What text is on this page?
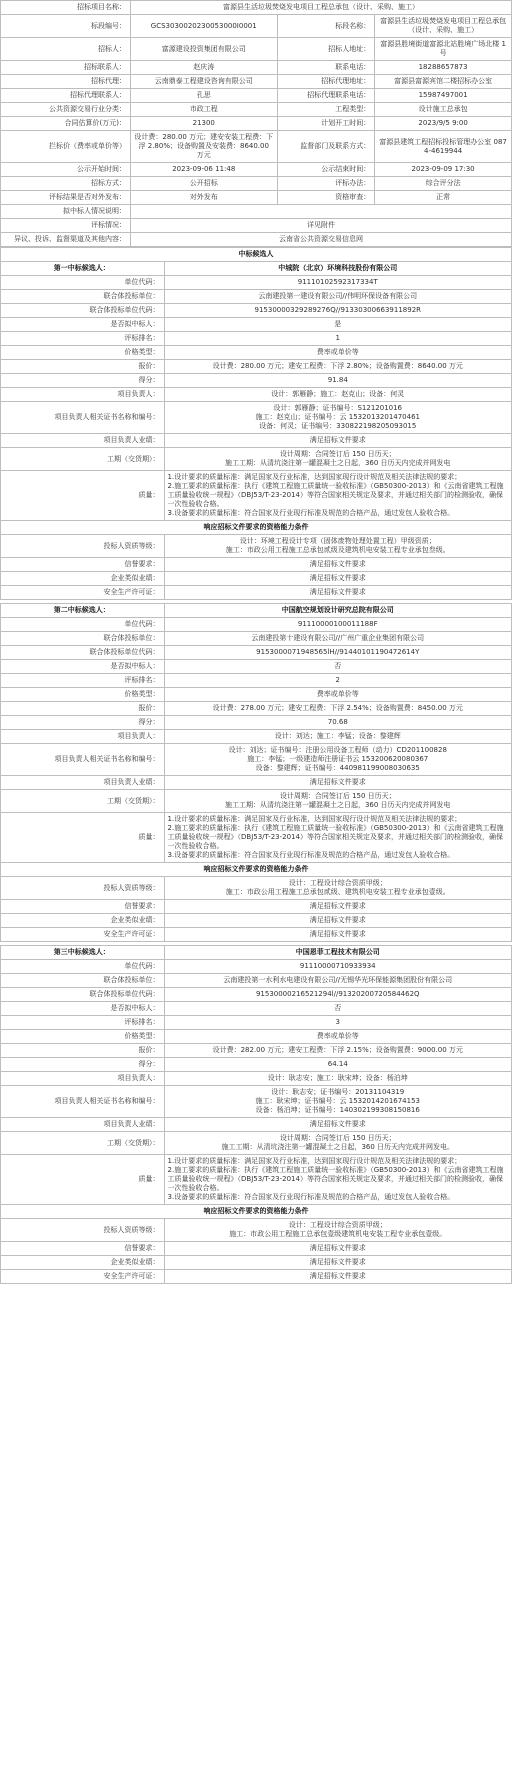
招标项目名称：	富源县生活垃圾焚烧发电项目工程总承包（设计、采购、施工）		
标段编号：	GCS3030020230053000I0001	标段名称：	富源县生活垃圾焚烧发电项目工程总承包（设计、采购、施工）
招标人：	富源建设投资集团有限公司	招标人地址：	富源县胜境街道富源北站胜境广场北楼 1 号
招标联系人：	赵庆涛	联系电话：	18288657873
招标代理：	云南鼎泰工程建设咨询有限公司	招标代理地址：	富源县富源宾馆二楼招标办公室
招标代理联系人：	孔思	招标代理联系电话：	15987497001
公共资源交易行业分类：	市政工程	工程类型：	设计施工总承包
合同估算价(万元)：	21300	计划开工时间：	2023/9/5 9:00
拦标价（费率或单价等）	设计费：280.00 万元；建安安装工程费：下浮 2.80%；设备购置及安装费：8640.00 万元	监督部门及联系方式：	富源县建筑工程招标投标管理办公室 0874-4619944
公示开始时间：	2023-09-06 11:48	公示结束时间：	2023-09-09 17:30
招标方式：	公开招标	评标办法：	综合评分法
评标结果是否对外发布：	对外发布	资格审查：	正常
拟中标人情况说明：			
评标情况：	详见附件		
异议、投诉、监督渠道及其他内容：	云南省公共资源交易信息网		
中标候选人	
第一中标候选人：	中城院（北京）环境科技股份有限公司
单位代码：	91110102592317334T

联合体投标单位：	云南建投第一建设有限公司//伟明环保设备有限公司

联合体投标单位代码：	91530000329289276Q//91330300663911892R

是否拟中标人：	是

评标排名：	1

价格类型：	费率或单价等

报价：	设计费：280.00 万元；建安工程费：下浮 2.80%；设备购置费：8640.00 万元

得分：	91.84

项目负责人：	设计：郭雁静；施工：赵克山；设备：何灵

项目负责人相关证书名称和编号：	设计：郭雁静；证书编号：S121201016
施工：赵克山；证书编号：云 1532013201470461
设备：何灵；证书编号：330822198205093015

项目负责人业绩：	满足招标文件要求

工期（交货期）：	设计周期：合同签订后 150 日历天；
施工工期：从清坑浇注第一罐混凝土之日起，360 日历天内完成并网发电

质量：	1.设计要求的质量标准：满足国家及行业标准，达到国家现行设计规范及相关法律法规的要求；
2.施工要求的质量标准：执行《建筑工程施工质量统一验收标准》（GB50300-2013）和《云南省建筑工程施工质量验收统一规程》（DBJ53/T-23-2014）等符合国家相关规定及要求，并通过相关部门的检测验收，确保一次性验收合格。
3.设备要求的质量标准：符合国家及行业现行标准及规范的合格产品，通过发包人验收合格。

响应招标文件要求的资格能力条件	
投标人资质等级：	设计：环境工程设计专项（固体废物处理处置工程）甲级资质；
施工：市政公用工程施工总承包贰级及建筑机电安装工程专业承包叁级。

信誉要求：	满足招标文件要求

企业类似业绩：	满足招标文件要求

安全生产许可证：	满足招标文件要求

第二中标候选人：	中国航空规划设计研究总院有限公司
单位代码：	91110000100011188F

联合体投标单位：	云南建投第十建设有限公司//广州广重企业集团有限公司

联合体投标单位代码：	9153000071948565lH//91440101190472614Y

是否拟中标人：	否

评标排名：	2

价格类型：	费率或单价等

报价：	设计费：278.00 万元；建安工程费：下浮 2.54%；设备购置费：8450.00 万元

得分：	70.68

项目负责人：	设计：刘达；施工：李锰；设备：黎建辉

项目负责人相关证书名称和编号：	设计：刘达；证书编号：注册公用设备工程师（动力）CD201100828
施工：李锰；一级建造师注册证书云 153200620080367
设备：黎建辉；证书编号：440981199008030635

项目负责人业绩：	满足招标文件要求

工期（交货期）：	设计周期：合同签订后 150 日历天；
施工工期：从清坑浇注第一罐混凝土之日起，360 日历天内完成并网发电

质量：	1.设计要求的质量标准：满足国家及行业标准，达到国家现行设计规范及相关法律法规的要求；
2.施工要求的质量标准：执行《建筑工程施工质量统一验收标准》（GB50300-2013）和《云南省建筑工程施工质量验收统一规程》（DBJ53/T-23-2014）等符合国家相关规定及要求，并通过相关部门的检测验收，确保一次性验收合格。
3.设备要求的质量标准：符合国家及行业现行标准及规范的合格产品，通过发包人验收合格。

响应招标文件要求的资格能力条件	
投标人资质等级：	设计：工程设计综合资质甲级；
施工：市政公用工程施工总承包贰级、建筑机电安装工程专业承包壹级。

信誉要求：	满足招标文件要求

企业类似业绩：	满足招标文件要求

安全生产许可证：	满足招标文件要求

第三中标候选人：	中国恩菲工程技术有限公司
单位代码：	91110000710933934

联合体投标单位：	云南建投第一水利水电建设有限公司//无锡华光环保能源集团股份有限公司

联合体投标单位代码：	91530000216521294l//91320200720584462Q

是否拟中标人：	否

评标排名：	3

价格类型：	费率或单价等

报价：	设计费：282.00 万元；建安工程费：下浮 2.15%；设备购置费：9000.00 万元

得分：	64.14

项目负责人：	设计：耿志安；施工：耿宋坤；设备：杨泊坤

项目负责人相关证书名称和编号：	设计：耿志安；证书编号：20131104319
施工：耿宋坤；证书编号：云 1532014201674153
设备：杨泊坤；证书编号：140302199308150816

项目负责人业绩：	满足招标文件要求

工期（交货期）：	设计周期：合同签订后 150 日历天；
施工工期：从清坑浇注第一罐混凝土之日起，360 日历天内完成并网发电。

质量：	1.设计要求的质量标准：满足国家及行业标准，达到国家现行设计规范及相关法律法规的要求；
2.施工要求的质量标准：执行《建筑工程施工质量统一验收标准》（GB50300-2013）和《云南省建筑工程施工质量验收统一规程》（DBJ53/T-23-2014）等符合国家相关规定及要求，并通过相关部门的检测验收，确保一次性验收合格。
3.设备要求的质量标准：符合国家及行业现行标准及规范的合格产品，通过发包人验收合格。

响应招标文件要求的资格能力条件	
投标人资质等级：	设计：工程设计综合资质甲级；
施工：市政公用工程施工总承包壹级建筑机电安装工程专业承包壹级。

信誉要求：	满足招标文件要求

企业类似业绩：	满足招标文件要求

安全生产许可证：	满足招标文件要求
